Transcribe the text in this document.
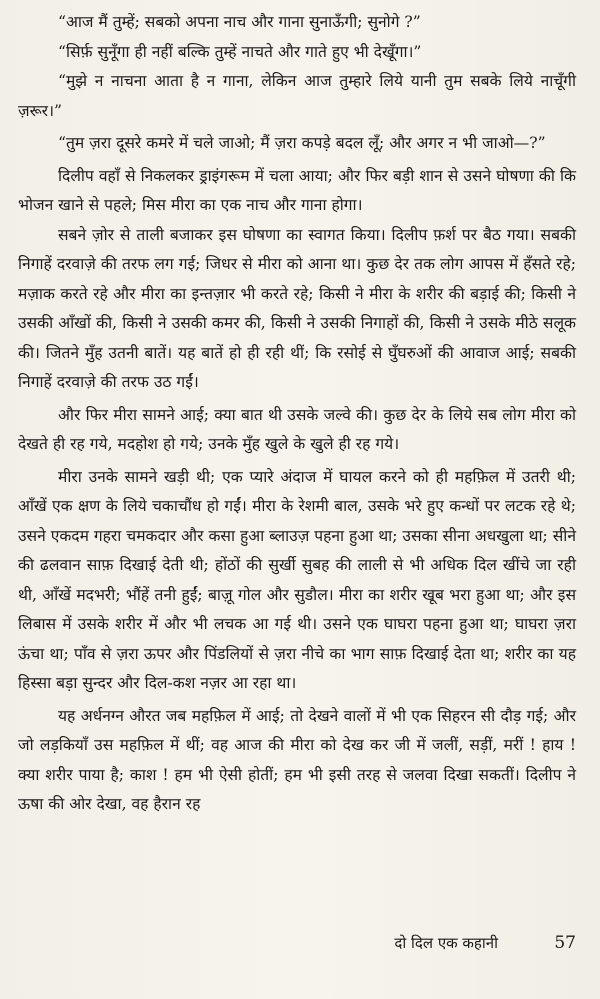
“आज मैं तुम्हें; सबको अपना नाच और गाना सुनाऊँगी; सुनोगे ?”

“सिर्फ़ सुनूँगा ही नहीं बल्कि तुम्हें नाचते और गाते हुए भी देखूँगा।”

“मुझे न नाचना आता है न गाना, लेकिन आज तुम्हारे लिये यानी तुम सबके लिये नाचूँगी ज़रूर।”

“तुम ज़रा दूसरे कमरे में चले जाओ; मैं ज़रा कपड़े बदल लूँ; और अगर न भी जाओ—?”

दिलीप वहाँ से निकलकर ड्राइंगरूम में चला आया; और फिर बड़ी शान से उसने घोषणा की कि भोजन खाने से पहले; मिस मीरा का एक नाच और गाना होगा।

सबने ज़ोर से ताली बजाकर इस घोषणा का स्वागत किया। दिलीप फ़र्श पर बैठ गया। सबकी निगाहें दरवाज़े की तरफ लग गई; जिधर से मीरा को आना था। कुछ देर तक लोग आपस में हँसते रहे; मज़ाक करते रहे और मीरा का इन्तज़ार भी करते रहे; किसी ने मीरा के शरीर की बड़ाई की; किसी ने उसकी आँखों की, किसी ने उसकी कमर की, किसी ने उसकी निगाहों की, किसी ने उसके मीठे सलूक की। जितने मुँह उतनी बातें। यह बातें हो ही रही थीं; कि रसोई से घुँघरुओं की आवाज आई; सबकी निगाहें दरवाज़े की तरफ उठ गईं।

और फिर मीरा सामने आई; क्या बात थी उसके जल्वे की। कुछ देर के लिये सब लोग मीरा को देखते ही रह गये, मदहोश हो गये; उनके मुँह खुले के खुले ही रह गये।

मीरा उनके सामने खड़ी थी; एक प्यारे अंदाज में घायल करने को ही महफ़िल में उतरी थी; आँखें एक क्षण के लिये चकाचौंध हो गईं। मीरा के रेशमी बाल, उसके भरे हुए कन्धों पर लटक रहे थे; उसने एकदम गहरा चमकदार और कसा हुआ ब्लाउज़ पहना हुआ था; उसका सीना अधखुला था; सीने की ढलवान साफ़ दिखाई देती थी; होंठों की सुर्खी सुबह की लाली से भी अधिक दिल खींचे जा रही थी, आँखें मदभरी; भौंहें तनी हुईं; बाज़ू गोल और सुडौल। मीरा का शरीर खूब भरा हुआ था; और इस लिबास में उसके शरीर में और भी लचक आ गई थी। उसने एक घाघरा पहना हुआ था; घाघरा ज़रा ऊंचा था; पाँव से ज़रा ऊपर और पिंडलियों से ज़रा नीचे का भाग साफ़ दिखाई देता था; शरीर का यह हिस्सा बड़ा सुन्दर और दिल-कश नज़र आ रहा था।

यह अर्धनग्न औरत जब महफ़िल में आई; तो देखने वालों में भी एक सिहरन सी दौड़ गई; और जो लड़कियाँ उस महफ़िल में थीं; वह आज की मीरा को देख कर जी में जलीं, सड़ीं, मरीं ! हाय ! क्या शरीर पाया है; काश ! हम भी ऐसी होतीं; हम भी इसी तरह से जलवा दिखा सकतीं। दिलीप ने ऊषा की ओर देखा, वह हैरान रह

दो दिल एक कहानी	57
